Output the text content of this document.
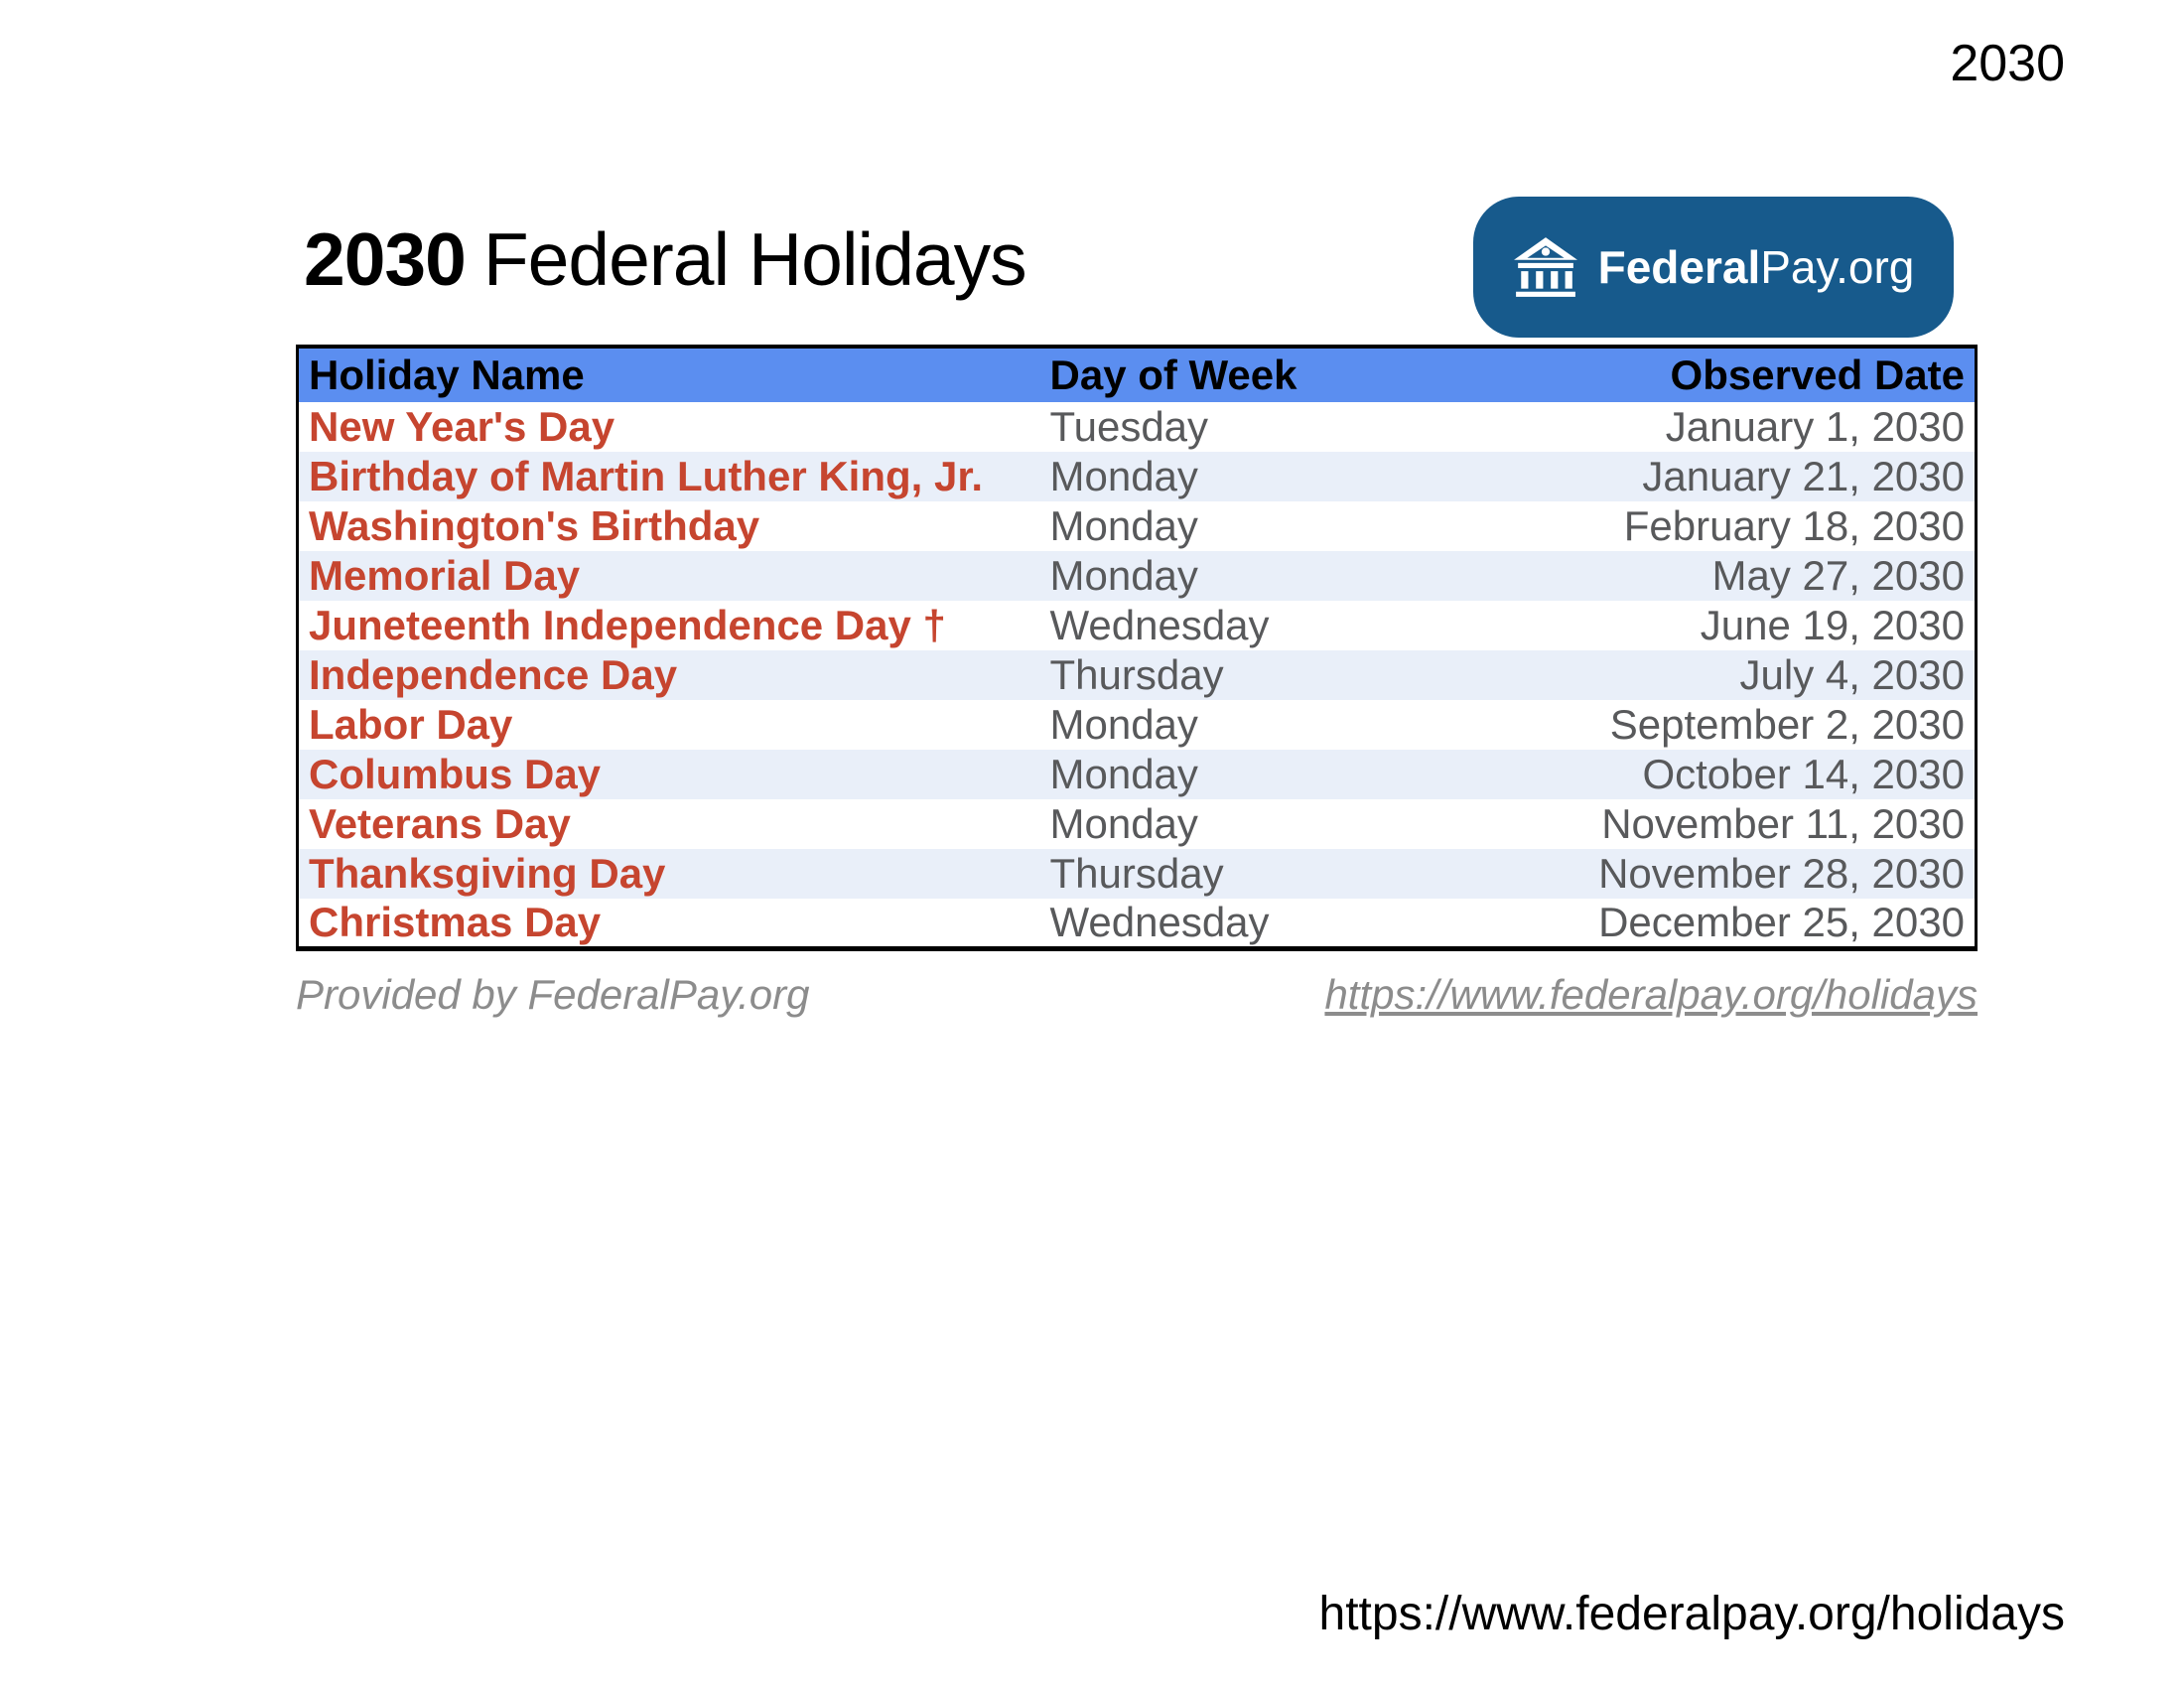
2030
2030 Federal Holidays	FederalPay.org
Holiday Name	Day of Week	Observed Date
New Year's Day	Tuesday	January 1, 2030
Birthday of Martin Luther King, Jr.	Monday	January 21, 2030
Washington's Birthday	Monday	February 18, 2030
Memorial Day	Monday	May 27, 2030
Juneteenth Independence Day †	Wednesday	June 19, 2030
Independence Day	Thursday	July 4, 2030
Labor Day	Monday	September 2, 2030
Columbus Day	Monday	October 14, 2030
Veterans Day	Monday	November 11, 2030
Thanksgiving Day	Thursday	November 28, 2030
Christmas Day	Wednesday	December 25, 2030
Provided by FederalPay.org	https://www.federalpay.org/holidays
https://www.federalpay.org/holidays
